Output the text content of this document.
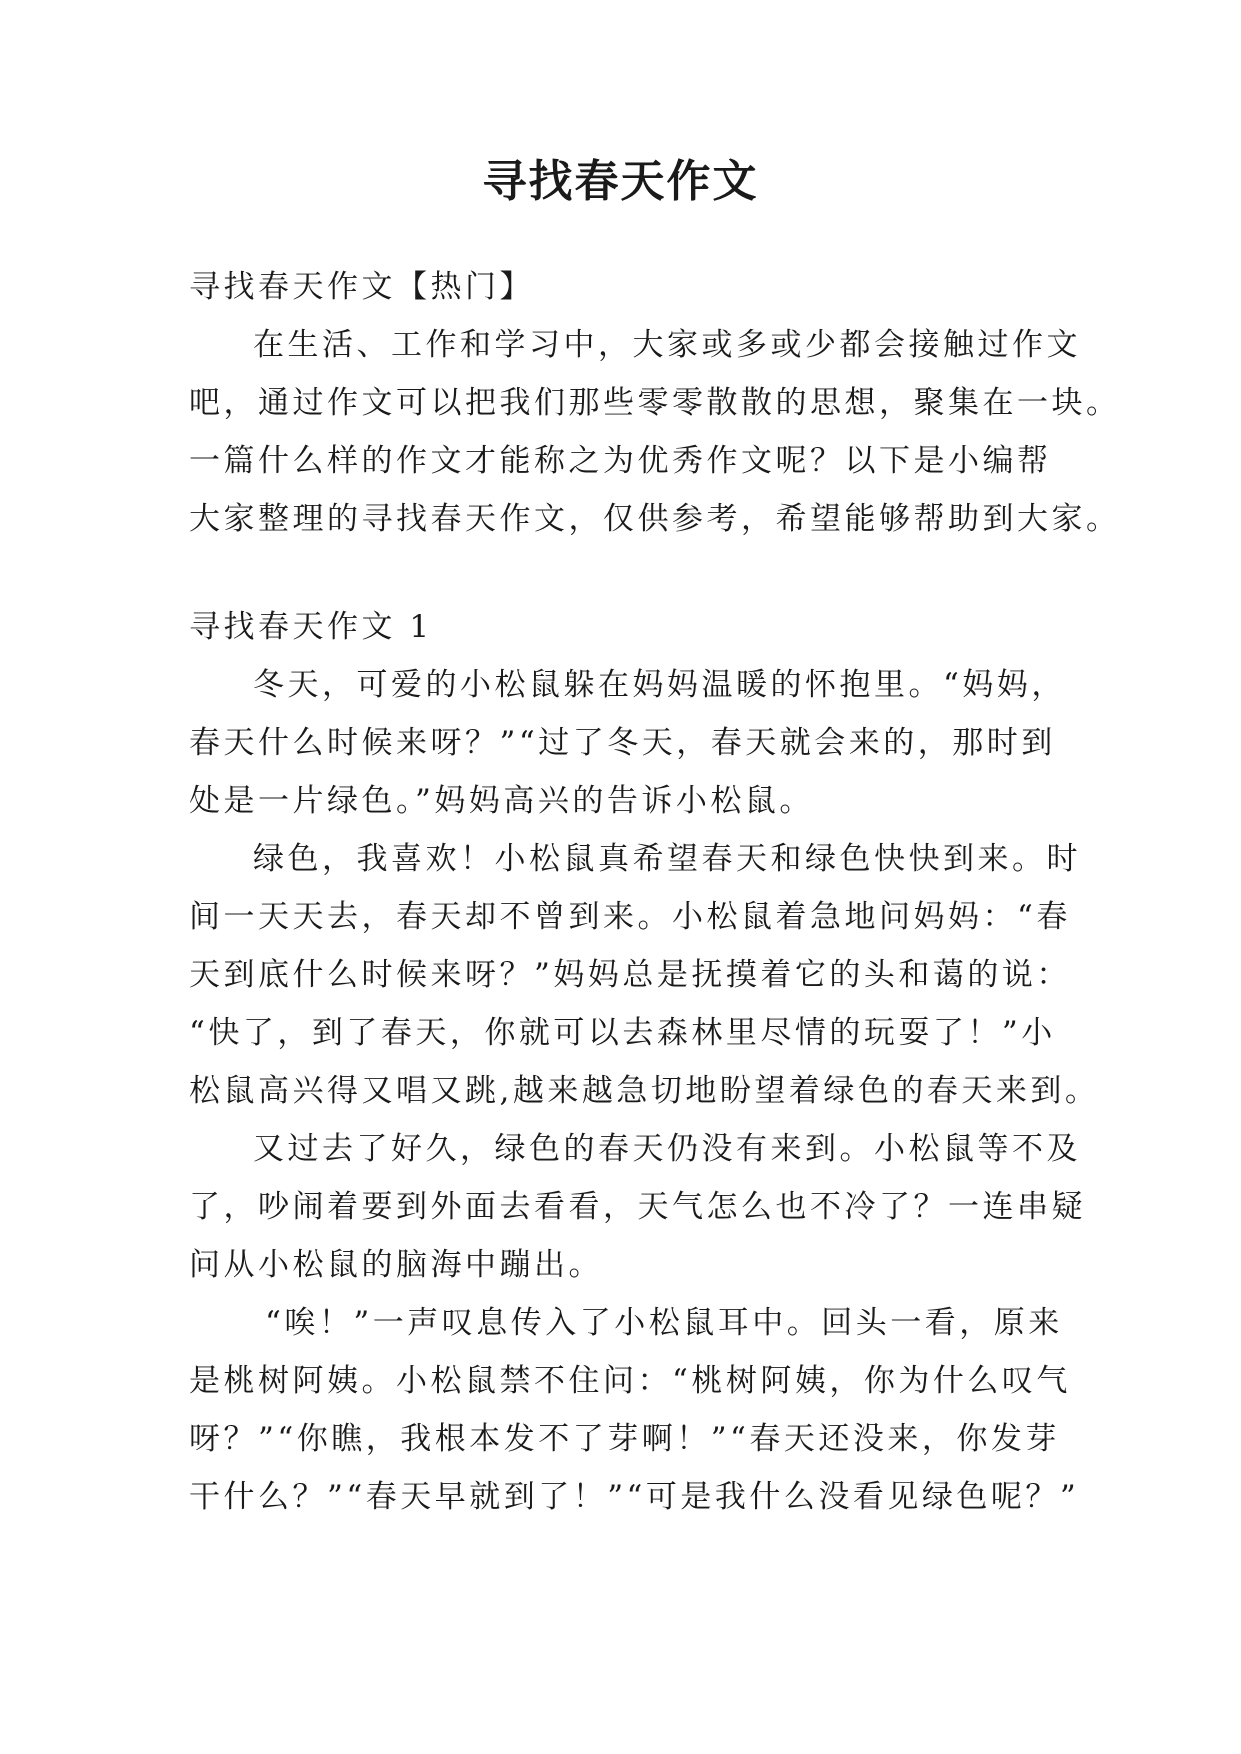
寻找春天作文

寻找春天作文【热门】

在生活、工作和学习中，大家或多或少都会接触过作文

吧，通过作文可以把我们那些零零散散的思想，聚集在一块。

一篇什么样的作文才能称之为优秀作文呢？以下是小编帮

大家整理的寻找春天作文，仅供参考，希望能够帮助到大家。

寻找春天作文 1

冬天，可爱的小松鼠躲在妈妈温暖的怀抱里。“妈妈，

春天什么时候来呀？”“过了冬天，春天就会来的，那时到

处是一片绿色。”妈妈高兴的告诉小松鼠。

绿色，我喜欢！小松鼠真希望春天和绿色快快到来。时

间一天天去，春天却不曾到来。小松鼠着急地问妈妈：“春

天到底什么时候来呀？”妈妈总是抚摸着它的头和蔼的说：

“快了，到了春天，你就可以去森林里尽情的玩耍了！”小

松鼠高兴得又唱又跳,越来越急切地盼望着绿色的春天来到。

又过去了好久，绿色的春天仍没有来到。小松鼠等不及

了，吵闹着要到外面去看看，天气怎么也不冷了？一连串疑

问从小松鼠的脑海中蹦出。

“唉！”一声叹息传入了小松鼠耳中。回头一看，原来

是桃树阿姨。小松鼠禁不住问：“桃树阿姨，你为什么叹气

呀？”“你瞧，我根本发不了芽啊！”“春天还没来，你发芽

干什么？”“春天早就到了！”“可是我什么没看见绿色呢？”
